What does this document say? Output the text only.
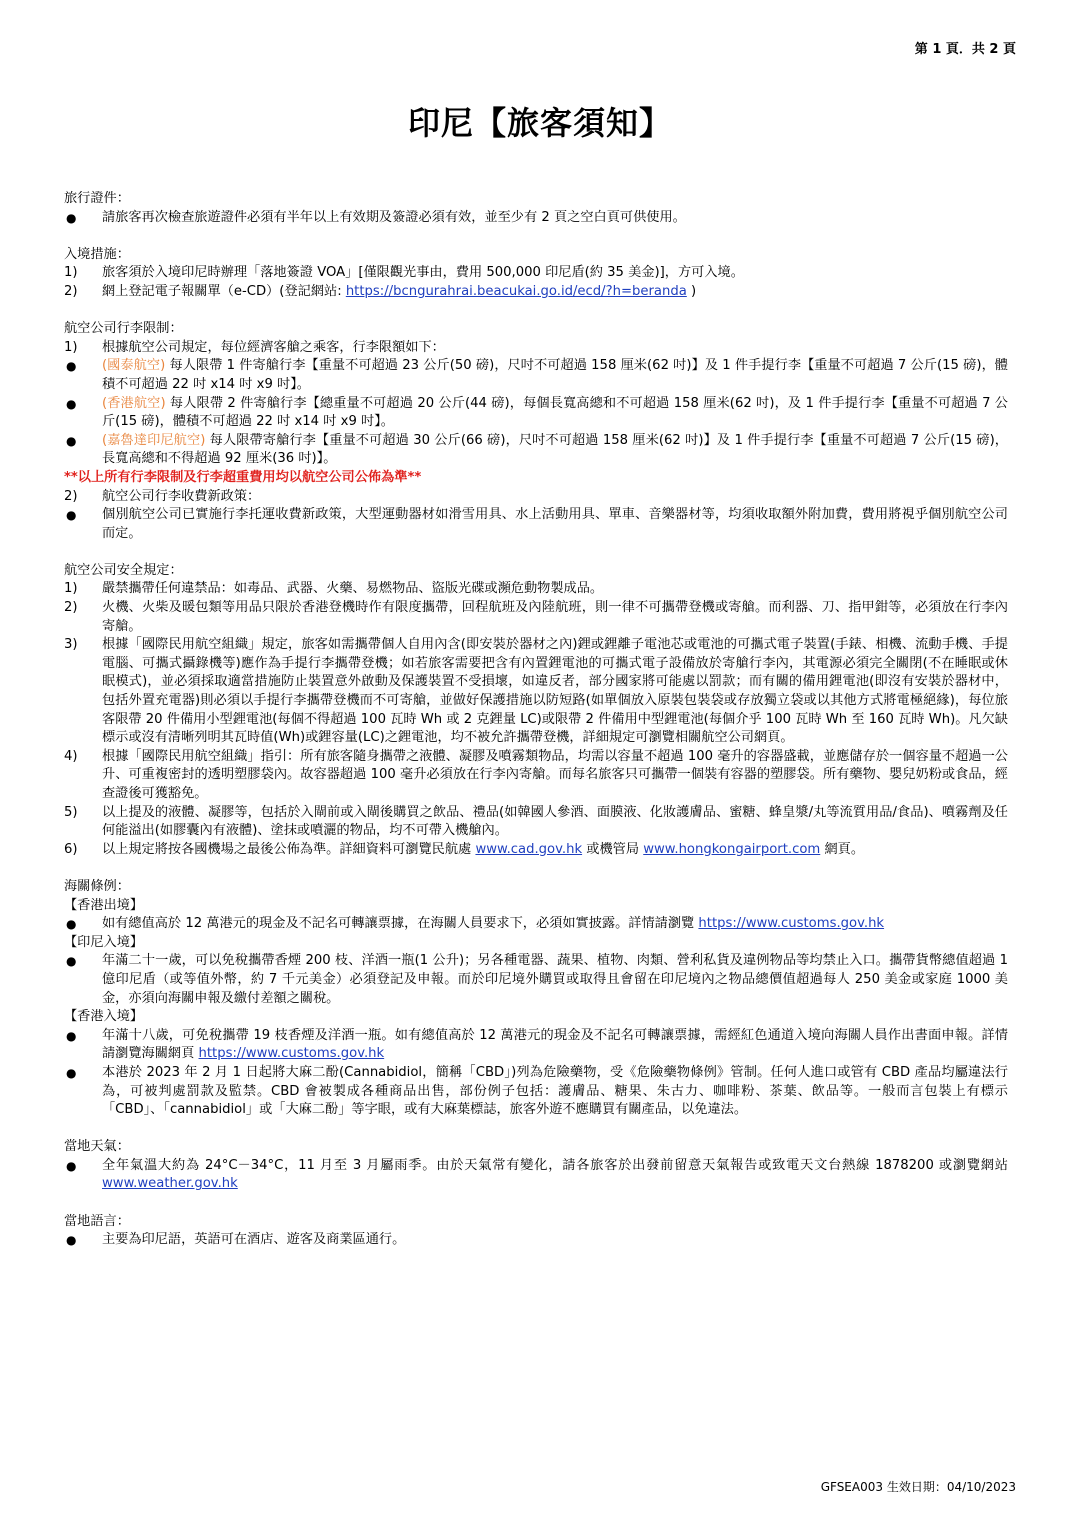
第 1 頁．共 2 頁
印尼【旅客須知】

旅行證件：

●	請旅客再次檢查旅遊證件必須有半年以上有效期及簽證必須有效，並至少有 2 頁之空白頁可供使用。

入境措施：

1)	旅客須於入境印尼時辦理「落地簽證 VOA」[僅限觀光事由，費用 500,000 印尼盾(約 35 美金)]，方可入境。
2)	網上登記電子報關單（e-CD）(登記網站: https://bcngurahrai.beacukai.go.id/ecd/?h=beranda )

航空公司行李限制：

1)	根據航空公司規定，每位經濟客艙之乘客，行李限額如下：
●	(國泰航空) 每人限帶 1 件寄艙行李【重量不可超過 23 公斤(50 磅)，尺吋不可超過 158 厘米(62 吋)】及 1 件手提行李【重量不可超過 7 公斤(15 磅)，體積不可超過 22 吋 x14 吋 x9 吋】。
●	(香港航空) 每人限帶 2 件寄艙行李【總重量不可超過 20 公斤(44 磅)，每個長寬高總和不可超過 158 厘米(62 吋)，及 1 件手提行李【重量不可超過 7 公斤(15 磅)，體積不可超過 22 吋 x14 吋 x9 吋】。
●	(嘉魯達印尼航空) 每人限帶寄艙行李【重量不可超過 30 公斤(66 磅)，尺吋不可超過 158 厘米(62 吋)】及 1 件手提行李【重量不可超過 7 公斤(15 磅)，長寬高總和不得超過 92 厘米(36 吋)】。

**以上所有行李限制及行李超重費用均以航空公司公佈為準**

2)	航空公司行李收費新政策：
●	個別航空公司已實施行李托運收費新政策，大型運動器材如滑雪用具、水上活動用具、單車、音樂器材等，均須收取額外附加費，費用將視乎個別航空公司而定。

航空公司安全規定：

1)	嚴禁攜帶任何違禁品：如毒品、武器、火藥、易燃物品、盜版光碟或瀕危動物製成品。
2)	火機、火柴及暖包類等用品只限於香港登機時作有限度攜帶，回程航班及內陸航班，則一律不可攜帶登機或寄艙。而利器、刀、指甲鉗等，必須放在行李內寄艙。
3)	根據「國際民用航空組織」規定，旅客如需攜帶個人自用內含(即安裝於器材之內)鋰或鋰離子電池芯或電池的可攜式電子裝置(手錶、相機、流動手機、手提電腦、可攜式攝錄機等)應作為手提行李攜帶登機；如若旅客需要把含有內置鋰電池的可攜式電子設備放於寄艙行李內，其電源必須完全關閉(不在睡眠或休眠模式)，並必須採取適當措施防止裝置意外啟動及保護裝置不受損壞，如違反者，部分國家將可能處以罰款；而有關的備用鋰電池(即沒有安裝於器材中，包括外置充電器)則必須以手提行李攜帶登機而不可寄艙，並做好保護措施以防短路(如單個放入原裝包裝袋或存放獨立袋或以其他方式將電極絕緣)，每位旅客限帶 20 件備用小型鋰電池(每個不得超過 100 瓦時 Wh 或 2 克鋰量 LC)或限帶 2 件備用中型鋰電池(每個介乎 100 瓦時 Wh 至 160 瓦時 Wh)。凡欠缺標示或沒有清晰列明其瓦時值(Wh)或鋰容量(LC)之鋰電池，均不被允許攜帶登機，詳細規定可瀏覽相關航空公司網頁。
4)	根據「國際民用航空組織」指引：所有旅客隨身攜帶之液體、凝膠及噴霧類物品，均需以容量不超過 100 毫升的容器盛載，並應儲存於一個容量不超過一公升、可重複密封的透明塑膠袋內。故容器超過 100 毫升必須放在行李內寄艙。而每名旅客只可攜帶一個裝有容器的塑膠袋。所有藥物、嬰兒奶粉或食品，經查證後可獲豁免。
5)	以上提及的液體、凝膠等，包括於入閘前或入閘後購買之飲品、禮品(如韓國人參酒、面膜液、化妝護膚品、蜜糖、蜂皇漿/丸等流質用品/食品)、噴霧劑及任何能溢出(如膠囊內有液體)、塗抹或噴灑的物品，均不可帶入機艙內。
6)	以上規定將按各國機場之最後公佈為準。詳細資料可瀏覽民航處 www.cad.gov.hk 或機管局 www.hongkongairport.com 網頁。

海關條例：

【香港出境】

●	如有總值高於 12 萬港元的現金及不記名可轉讓票據，在海關人員要求下，必須如實披露。詳情請瀏覽 https://www.customs.gov.hk

【印尼入境】

●	年滿二十一歲，可以免稅攜帶香煙 200 枝、洋酒一瓶(1 公升)；另各種電器、蔬果、植物、肉類、營利私貨及違例物品等均禁止入口。攜帶貨幣總值超過 1 億印尼盾（或等值外幣，約 7 千元美金）必須登記及申報。而於印尼境外購買或取得且會留在印尼境內之物品總價值超過每人 250 美金或家庭 1000 美金，亦須向海關申報及繳付差額之關稅。

【香港入境】

●	年滿十八歲，可免稅攜帶 19 枝香煙及洋酒一瓶。如有總值高於 12 萬港元的現金及不記名可轉讓票據，需經紅色通道入境向海關人員作出書面申報。詳情請瀏覽海關網頁 https://www.customs.gov.hk
●	本港於 2023 年 2 月 1 日起將大麻二酚(Cannabidiol，簡稱「CBD」)列為危險藥物，受《危險藥物條例》管制。任何人進口或管有 CBD 產品均屬違法行為，可被判處罰款及監禁。CBD 會被製成各種商品出售，部份例子包括：護膚品、糖果、朱古力、咖啡粉、茶葉、飲品等。一般而言包裝上有標示「CBD」、「cannabidiol」或「大麻二酚」等字眼，或有大麻葉標誌，旅客外遊不應購買有關產品，以免違法。

當地天氣：

●	全年氣溫大約為 24°C－34°C，11 月至 3 月屬雨季。由於天氣常有變化，請各旅客於出發前留意天氣報告或致電天文台熱線 1878200 或瀏覽網站 www.weather.gov.hk

當地語言：

●	主要為印尼語，英語可在酒店、遊客及商業區通行。
GFSEA003 生效日期：04/10/2023
